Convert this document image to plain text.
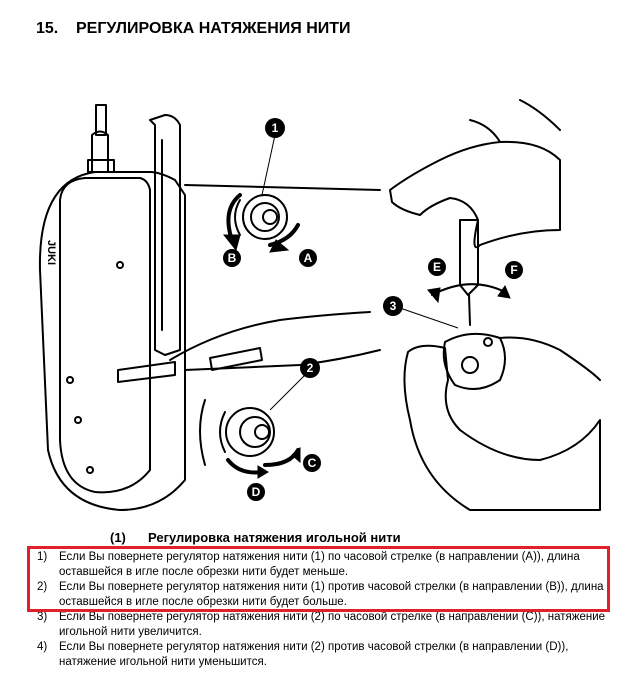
15. РЕГУЛИРОВКА НАТЯЖЕНИЯ НИТИ
JUKI
1
B	A
2
C
D
E	F
3
(1) Регулировка натяжения игольной нити
1)	Если Вы повернете регулятор натяжения нити (1) по часовой стрелке (в направлении (A)), длина оставшейся в игле после обрезки нити будет меньше.
2)	Если Вы повернете регулятор натяжения нити (1) против часовой стрелки (в направлении (B)), длина оставшейся в игле после обрезки нити будет больше.
3)	Если Вы повернете регулятор натяжения нити (2) по часовой стрелке (в направлении (C)), натяжение игольной нити увеличится.
4)	Если Вы повернете регулятор натяжения нити (2) против часовой стрелки (в направлении (D)), натяжение игольной нити уменьшится.
